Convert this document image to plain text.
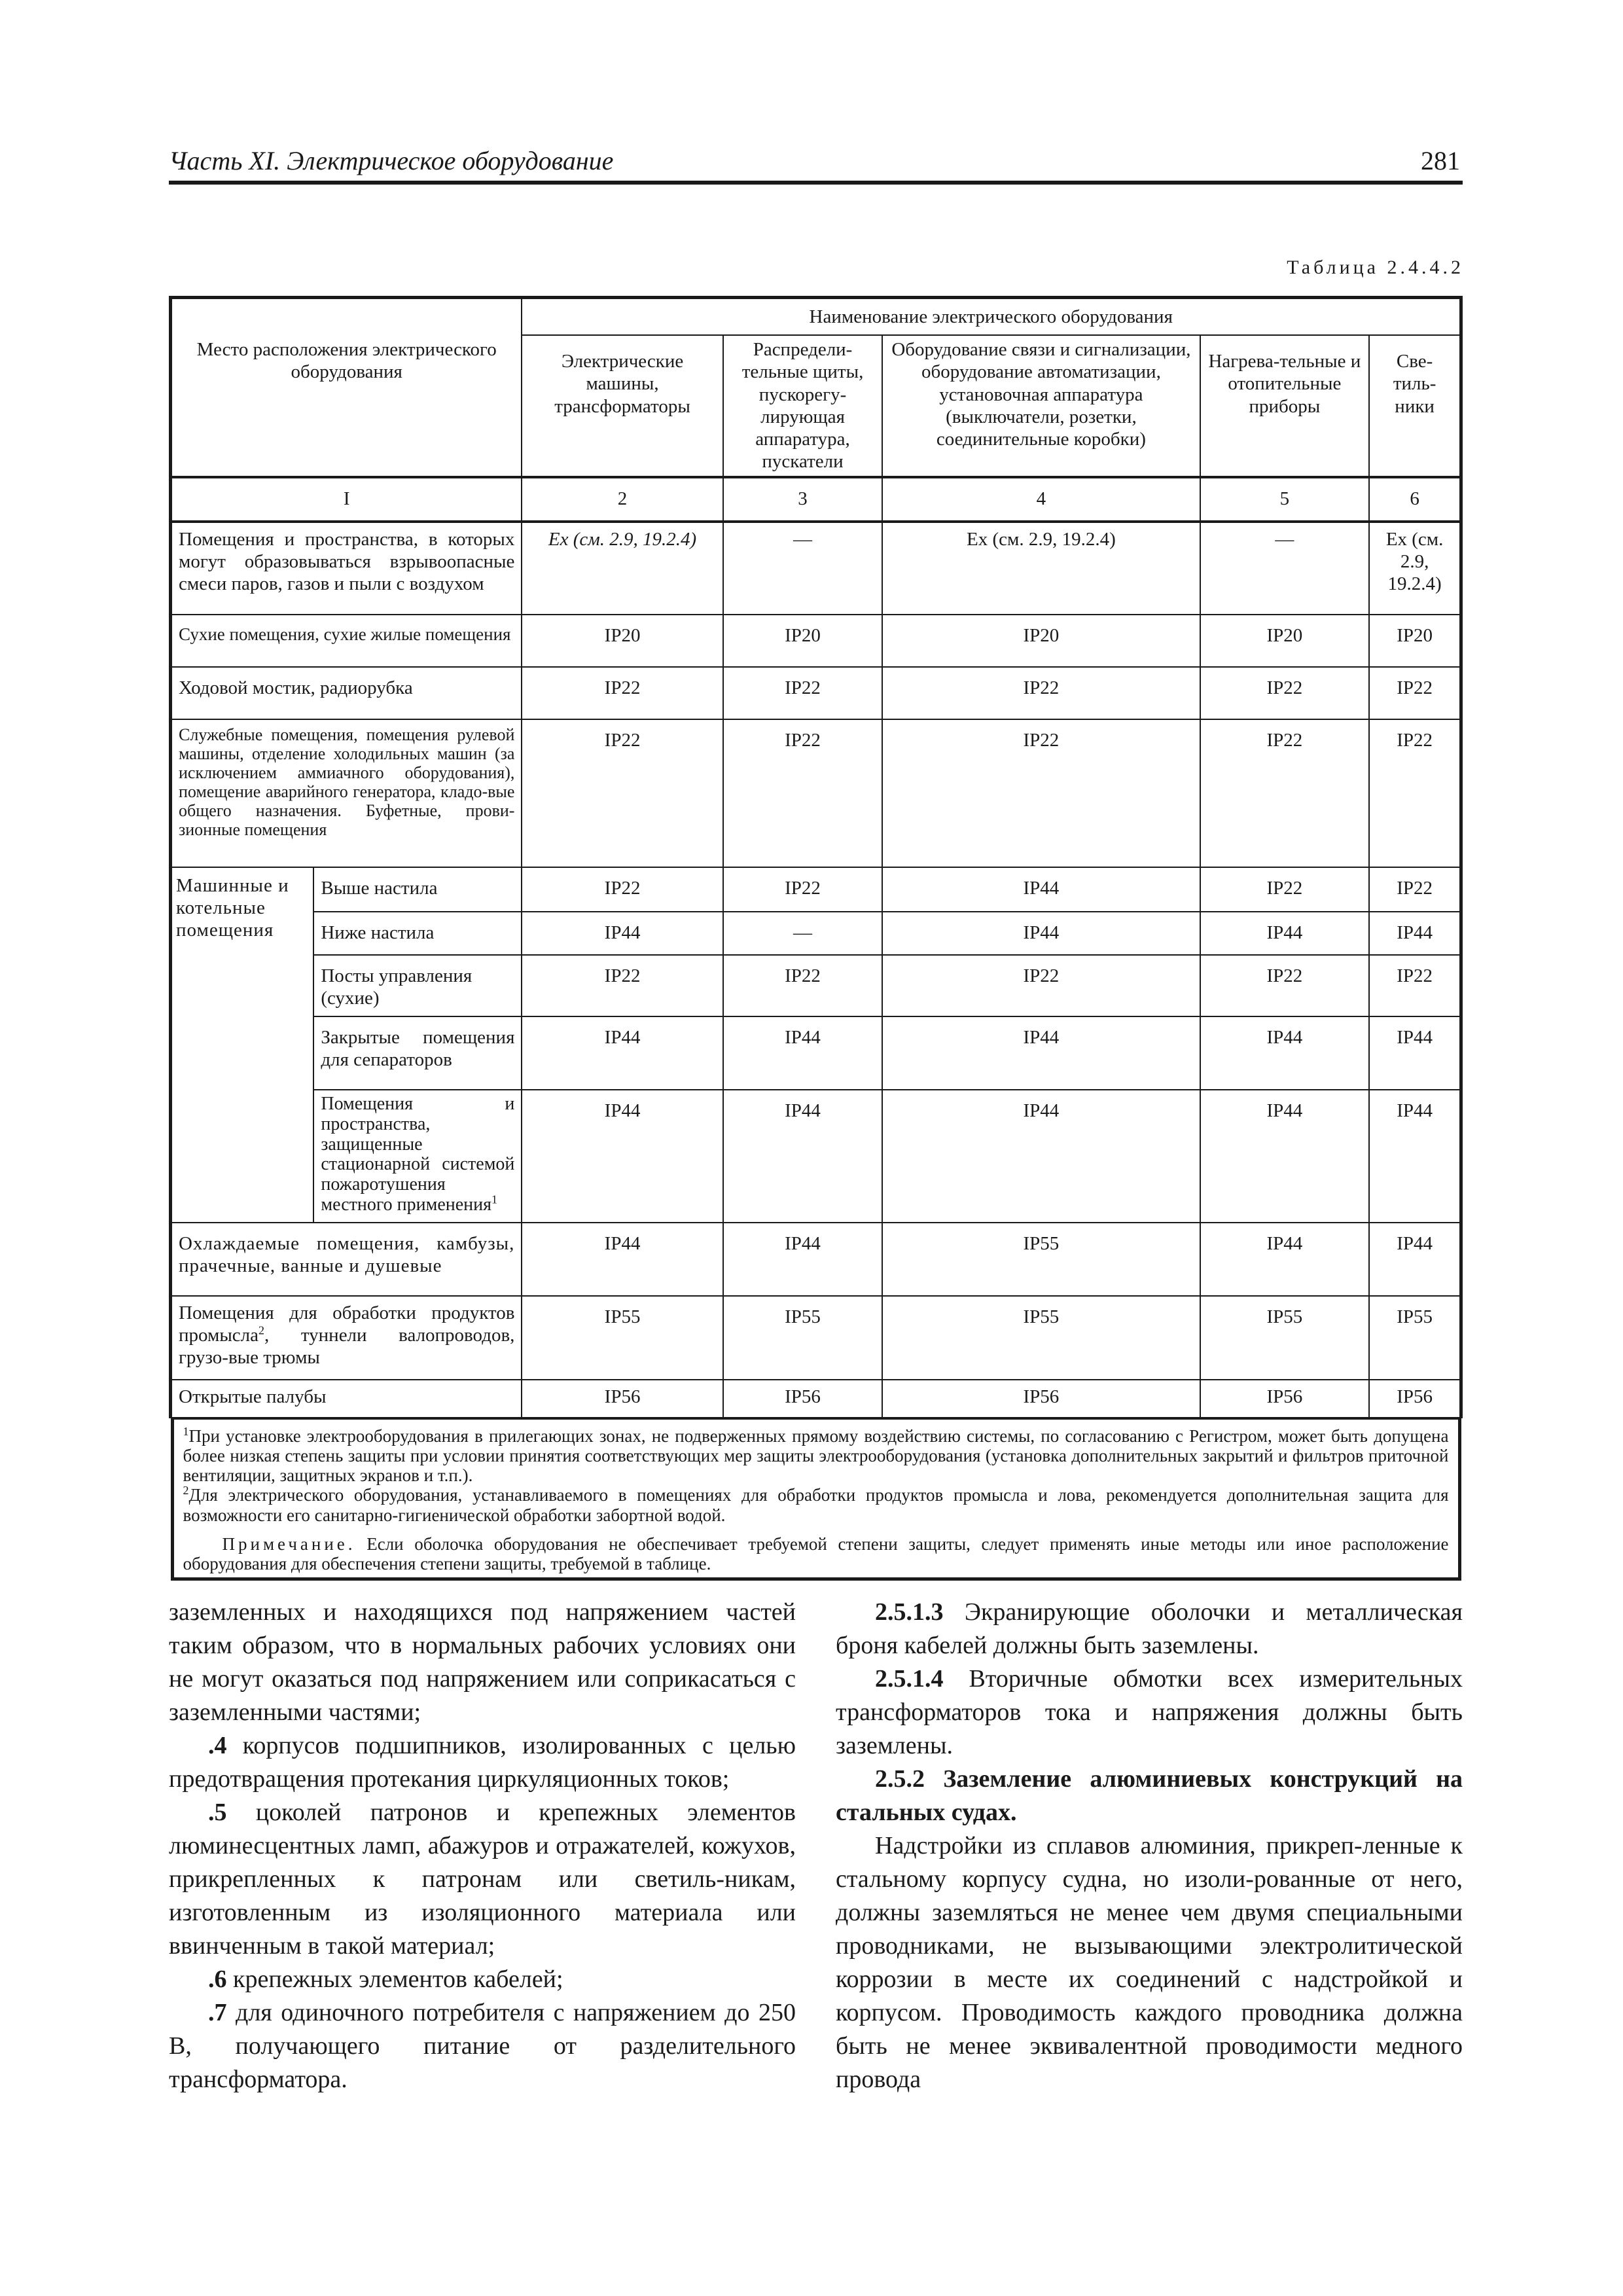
Часть XI. Электрическое оборудование	281
Таблица 2.4.4.2
Место расположения электрического оборудования		Наименование электрического оборудования				
		Электрические машины, трансформаторы	Распредели-тельные щиты, пускорегу-лирующая аппаратура, пускатели	Оборудование связи и сигнализации, оборудование автоматизации, установочная аппаратура (выключатели, розетки, соединительные коробки)	Нагрева-тельные и отопительные приборы	Све-тиль-ники
I		2	3	4	5	6
Помещения и пространства, в которых могут образовываться взрывоопасные смеси паров, газов и пыли с воздухом		Ex (см. 2.9, 19.2.4)	—	Ex (см. 2.9, 19.2.4)	—	Ex (см. 2.9, 19.2.4)
Сухие помещения, сухие жилые помещения		IP20	IP20	IP20	IP20	IP20
Ходовой мостик, радиорубка		IP22	IP22	IP22	IP22	IP22
Служебные помещения, помещения рулевой машины, отделение холодильных машин (за исключением аммиачного оборудования), помещение аварийного генератора, кладо-вые общего назначения. Буфетные, прови-зионные помещения		IP22	IP22	IP22	IP22	IP22
Машинные и котельные помещения	Выше настила	IP22	IP22	IP44	IP22	IP22
	Ниже настила	IP44	—	IP44	IP44	IP44
	Посты управления (сухие)	IP22	IP22	IP22	IP22	IP22
	Закрытые помещения для сепараторов	IP44	IP44	IP44	IP44	IP44
	Помещения и пространства, защищенные стационарной системой пожаротушения местного применения$^1$	IP44	IP44	IP44	IP44	IP44
Охлаждаемые помещения, камбузы, прачечные, ванные и душевые		IP44	IP44	IP55	IP44	IP44
Помещения для обработки продуктов промысла$^2$, туннели валопроводов, грузо-вые трюмы		IP55	IP55	IP55	IP55	IP55
Открытые палубы		IP56	IP56	IP56	IP56	IP56

$^1$При установке электрооборудования в прилегающих зонах, не подверженных прямому воздействию системы, по согласованию с Регистром, может быть допущена более низкая степень защиты при условии принятия соответствующих мер защиты электрооборудования (установка дополнительных закрытий и фильтров приточной вентиляции, защитных экранов и т.п.).

$^2$Для электрического оборудования, устанавливаемого в помещениях для обработки продуктов промысла и лова, рекомендуется дополнительная защита для возможности его санитарно-гигиенической обработки забортной водой.

Примечание. Если оболочка оборудования не обеспечивает требуемой степени защиты, следует применять иные методы или иное расположение оборудования для обеспечения степени защиты, требуемой в таблице.						

заземленных и находящихся под напряжением частей таким образом, что в нормальных рабочих условиях они не могут оказаться под напряжением или соприкасаться с заземленными частями;

.4 корпусов подшипников, изолированных с целью предотвращения протекания циркуляционных токов;

.5 цоколей патронов и крепежных элементов люминесцентных ламп, абажуров и отражателей, кожухов, прикрепленных к патронам или светиль-никам, изготовленным из изоляционного материала или ввинченным в такой материал;

.6 крепежных элементов кабелей;

.7 для одиночного потребителя с напряжением до 250 В, получающего питание от разделительного трансформатора.

2.5.1.3 Экранирующие оболочки и металлическая броня кабелей должны быть заземлены.

2.5.1.4 Вторичные обмотки всех измерительных трансформаторов тока и напряжения должны быть заземлены.

2.5.2 Заземление алюминиевых конструкций на стальных судах.

Надстройки из сплавов алюминия, прикреп-ленные к стальному корпусу судна, но изоли-рованные от него, должны заземляться не менее чем двумя специальными проводниками, не вызывающими электролитической коррозии в месте их соединений с надстройкой и корпусом. Проводимость каждого проводника должна быть не менее эквивалентной проводимости медного провода
